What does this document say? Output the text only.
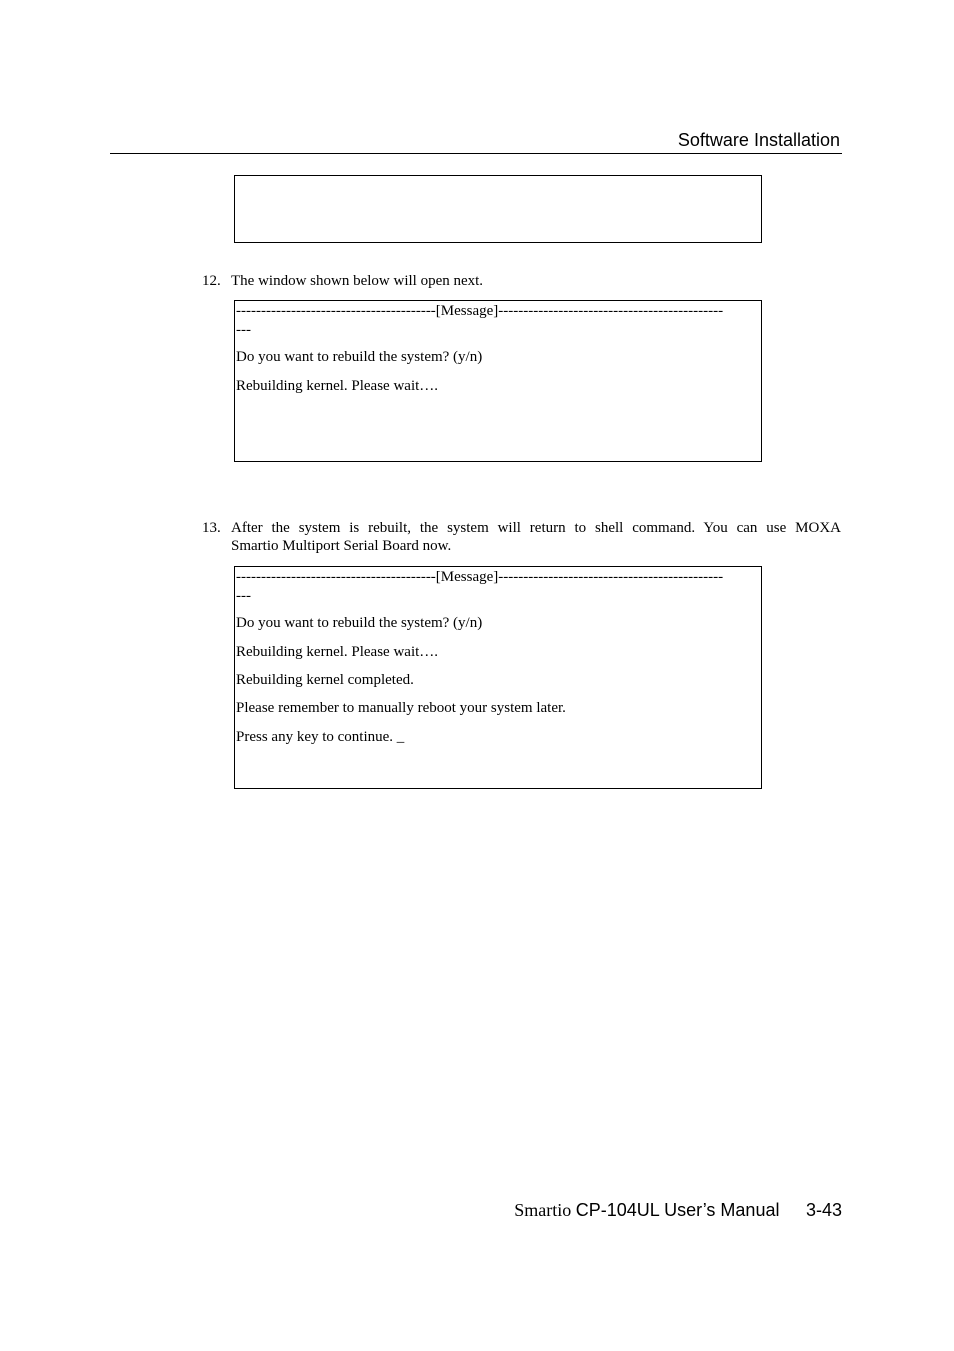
Software Installation
12. The window shown below will open next.
----------------------------------------[Message]---------------------------------------------
---
Do you want to rebuild the system? (y/n)
Rebuilding kernel. Please wait….
13. After the system is rebuilt, the system will return to shell command. You can use MOXA
Smartio Multiport Serial Board now.
----------------------------------------[Message]---------------------------------------------
---
Do you want to rebuild the system? (y/n)
Rebuilding kernel. Please wait….
Rebuilding kernel completed.
Please remember to manually reboot your system later.
Press any key to continue. _
Smartio CP-104UL User’s Manual 3-43
